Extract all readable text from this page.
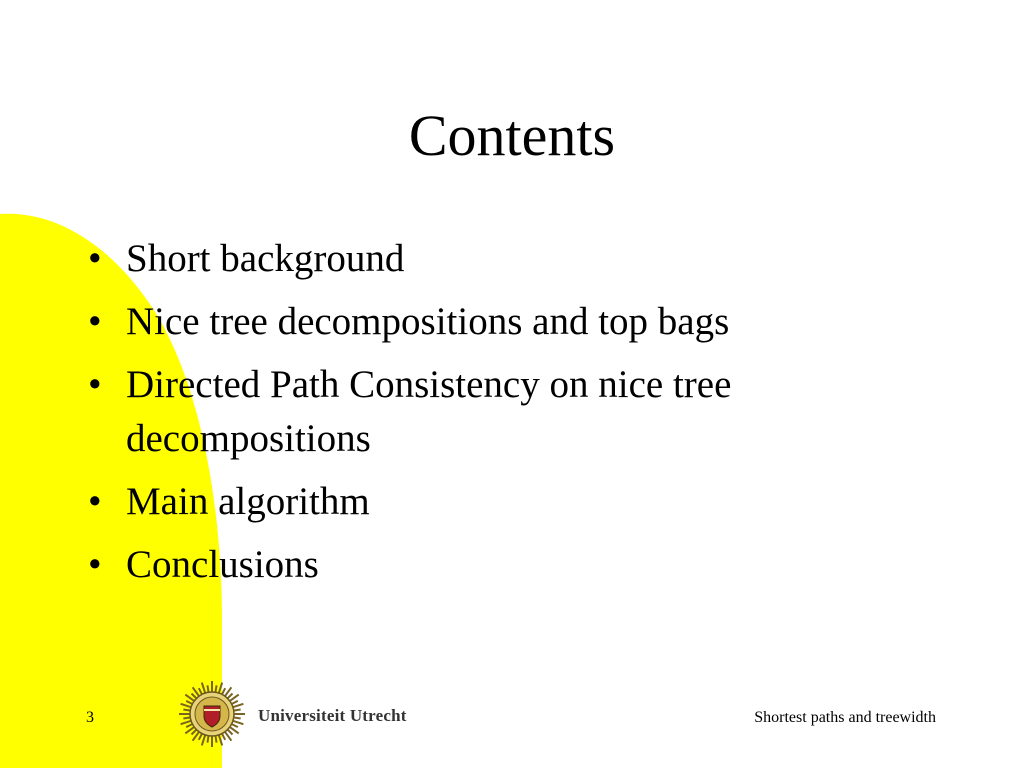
Contents
• Short background
• Nice tree decompositions and top bags
• Directed Path Consistency on nice tree decompositions
• Main algorithm
• Conclusions
3	Universiteit Utrecht	Shortest paths and treewidth
